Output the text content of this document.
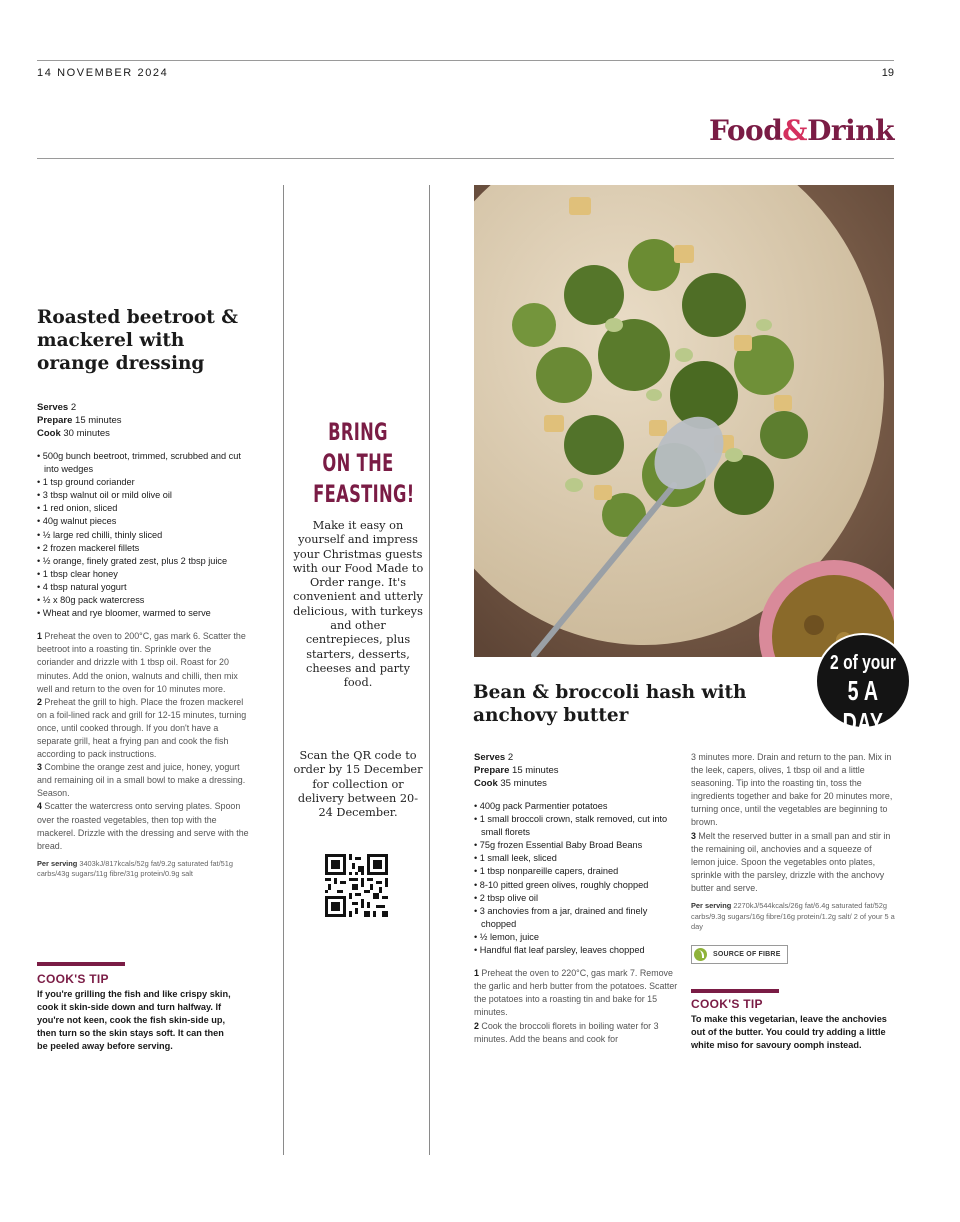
14 NOVEMBER 2024	19
Food&Drink
Roasted beetroot & mackerel with orange dressing
Serves 2
Prepare 15 minutes
Cook 30 minutes
• 500g bunch beetroot, trimmed, scrubbed and cut into wedges
• 1 tsp ground coriander
• 3 tbsp walnut oil or mild olive oil
• 1 red onion, sliced
• 40g walnut pieces
• ½ large red chilli, thinly sliced
• 2 frozen mackerel fillets
• ½ orange, finely grated zest, plus 2 tbsp juice
• 1 tbsp clear honey
• 4 tbsp natural yogurt
• ½ x 80g pack watercress
• Wheat and rye bloomer, warmed to serve

1 Preheat the oven to 200°C, gas mark 6. Scatter the beetroot into a roasting tin. Sprinkle over the coriander and drizzle with 1 tbsp oil. Roast for 20 minutes. Add the onion, walnuts and chilli, then mix well and return to the oven for 10 minutes more.

2 Preheat the grill to high. Place the frozen mackerel on a foil-lined rack and grill for 12-15 minutes, turning once, until cooked through. If you don't have a separate grill, heat a frying pan and cook the fish according to pack instructions.

3 Combine the orange zest and juice, honey, yogurt and remaining oil in a small bowl to make a dressing. Season.

4 Scatter the watercress onto serving plates. Spoon over the roasted vegetables, then top with the mackerel. Drizzle with the dressing and serve with the bread.

Per serving 3403kJ/817kcals/52g fat/9.2g saturated fat/51g carbs/43g sugars/11g fibre/31g protein/0.9g salt
COOK'S TIP
If you're grilling the fish and like crispy skin, cook it skin-side down and turn halfway. If you're not keen, cook the fish skin-side up, then turn so the skin stays soft. It can then be peeled away before serving.
BRING
ON THE
FEASTING!
Make it easy on yourself and impress your Christmas guests with our Food Made to Order range. It's convenient and utterly delicious, with turkeys and other centrepieces, plus starters, desserts, cheeses and party food.
Scan the QR code to order by 15 December for collection or delivery between 20-24 December.
2 of your
5 A DAY
Bean & broccoli hash with anchovy butter
Serves 2
Prepare 15 minutes
Cook 35 minutes
• 400g pack Parmentier potatoes
• 1 small broccoli crown, stalk removed, cut into small florets
• 75g frozen Essential Baby Broad Beans
• 1 small leek, sliced
• 1 tbsp nonpareille capers, drained
• 8-10 pitted green olives, roughly chopped
• 2 tbsp olive oil
• 3 anchovies from a jar, drained and finely chopped
• ½ lemon, juice
• Handful flat leaf parsley, leaves chopped

1 Preheat the oven to 220°C, gas mark 7. Remove the garlic and herb butter from the potatoes. Scatter the potatoes into a roasting tin and bake for 15 minutes.

2 Cook the broccoli florets in boiling water for 3 minutes. Add the beans and cook for

3 minutes more. Drain and return to the pan. Mix in the leek, capers, olives, 1 tbsp oil and a little seasoning. Tip into the roasting tin, toss the ingredients together and bake for 20 minutes more, turning once, until the vegetables are beginning to brown.

3 Melt the reserved butter in a small pan and stir in the remaining oil, anchovies and a squeeze of lemon juice. Spoon the vegetables onto plates, sprinkle with the parsley, drizzle with the anchovy butter and serve.

Per serving 2270kJ/544kcals/26g fat/6.4g saturated fat/52g carbs/9.3g sugars/16g fibre/16g protein/1.2g salt/ 2 of your 5 a day
SOURCE OF FIBRE
COOK'S TIP
To make this vegetarian, leave the anchovies out of the butter. You could try adding a little white miso for savoury oomph instead.
